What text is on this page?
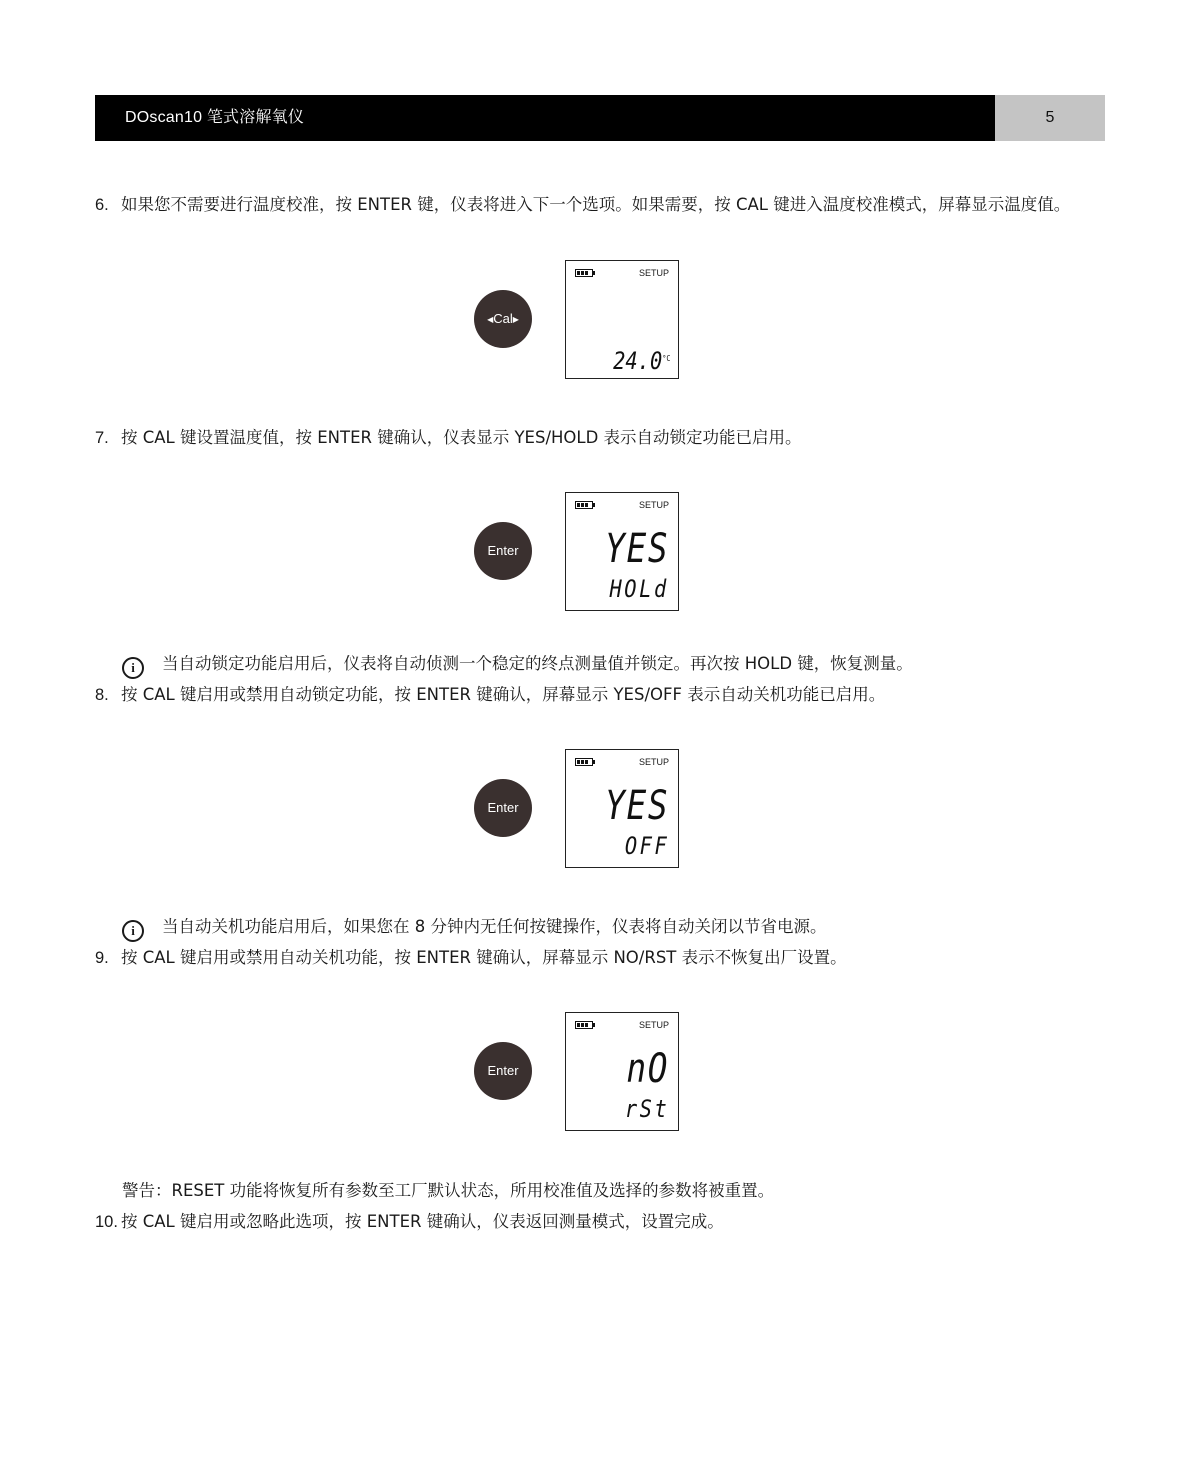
DOscan10 笔式溶解氧仪	5
6. 如果您不需要进行温度校准，按 ENTER 键，仪表将进入下一个选项。如果需要，按 CAL 键进入温度校准模式，屏幕显示温度值。
◀Cal▶
SETUP
$24.0^{^\circ C}$
7. 按 CAL 键设置温度值，按 ENTER 键确认，仪表显示 YES/HOLD 表示自动锁定功能已启用。
Enter
SETUP
YES
HOLd
i 当自动锁定功能启用后，仪表将自动侦测一个稳定的终点测量值并锁定。再次按 HOLD 键，恢复测量。
8. 按 CAL 键启用或禁用自动锁定功能，按 ENTER 键确认，屏幕显示 YES/OFF 表示自动关机功能已启用。
Enter
SETUP
YES
OFF
i 当自动关机功能启用后，如果您在 8 分钟内无任何按键操作，仪表将自动关闭以节省电源。
9. 按 CAL 键启用或禁用自动关机功能，按 ENTER 键确认，屏幕显示 NO/RST 表示不恢复出厂设置。
Enter
SETUP
nO
rSt
警告：RESET 功能将恢复所有参数至工厂默认状态，所用校准值及选择的参数将被重置。
10. 按 CAL 键启用或忽略此选项，按 ENTER 键确认，仪表返回测量模式，设置完成。
